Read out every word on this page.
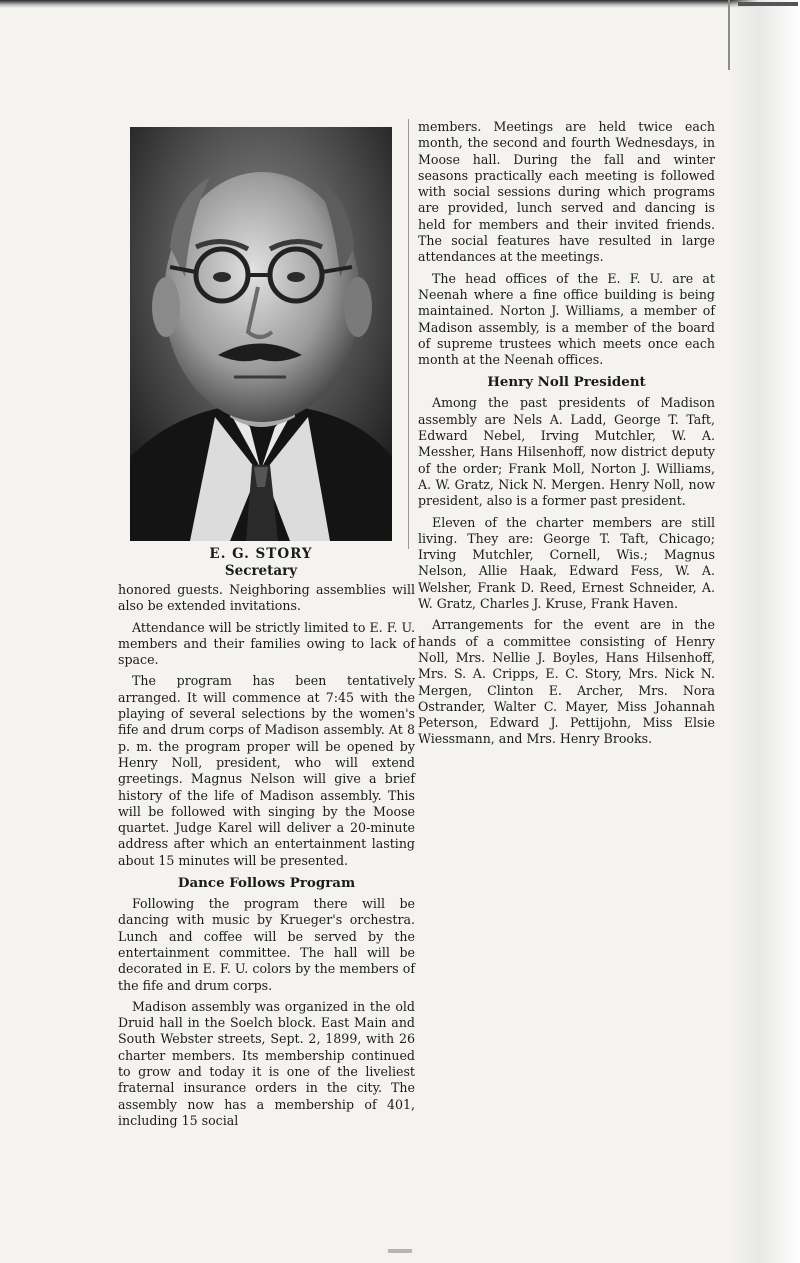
E. G. STORY
Secretary

honored guests. Neighboring assemblies will also be extended invitations.

Attendance will be strictly limited to E. F. U. members and their families owing to lack of space.

The program has been tentatively arranged. It will commence at 7:45 with the playing of several selections by the women's fife and drum corps of Madison assembly. At 8 p. m. the program proper will be opened by Henry Noll, president, who will extend greetings. Magnus Nelson will give a brief history of the life of Madison assembly. This will be followed with singing by the Moose quartet. Judge Karel will deliver a 20-minute address after which an entertainment lasting about 15 minutes will be presented.

Dance Follows Program

Following the program there will be dancing with music by Krueger's orchestra. Lunch and coffee will be served by the entertainment committee. The hall will be decorated in E. F. U. colors by the members of the fife and drum corps.

Madison assembly was organized in the old Druid hall in the Soelch block. East Main and South Webster streets, Sept. 2, 1899, with 26 charter members. Its membership continued to grow and today it is one of the liveliest fraternal insurance orders in the city. The assembly now has a membership of 401, including 15 social

members. Meetings are held twice each month, the second and fourth Wednesdays, in Moose hall. During the fall and winter seasons practically each meeting is followed with social sessions during which programs are provided, lunch served and dancing is held for members and their invited friends. The social features have resulted in large attendances at the meetings.

The head offices of the E. F. U. are at Neenah where a fine office building is being maintained. Norton J. Williams, a member of Madison assembly, is a member of the board of supreme trustees which meets once each month at the Neenah offices.

Henry Noll President

Among the past presidents of Madison assembly are Nels A. Ladd, George T. Taft, Edward Nebel, Irving Mutchler, W. A. Messher, Hans Hilsenhoff, now district deputy of the order; Frank Moll, Norton J. Williams, A. W. Gratz, Nick N. Mergen. Henry Noll, now president, also is a former past president.

Eleven of the charter members are still living. They are: George T. Taft, Chicago; Irving Mutchler, Cornell, Wis.; Magnus Nelson, Allie Haak, Edward Fess, W. A. Welsher, Frank D. Reed, Ernest Schneider, A. W. Gratz, Charles J. Kruse, Frank Haven.

Arrangements for the event are in the hands of a committee consisting of Henry Noll, Mrs. Nellie J. Boyles, Hans Hilsenhoff, Mrs. S. A. Cripps, E. C. Story, Mrs. Nick N. Mergen, Clinton E. Archer, Mrs. Nora Ostrander, Walter C. Mayer, Miss Johannah Peterson, Edward J. Pettijohn, Miss Elsie Wiessmann, and Mrs. Henry Brooks.
